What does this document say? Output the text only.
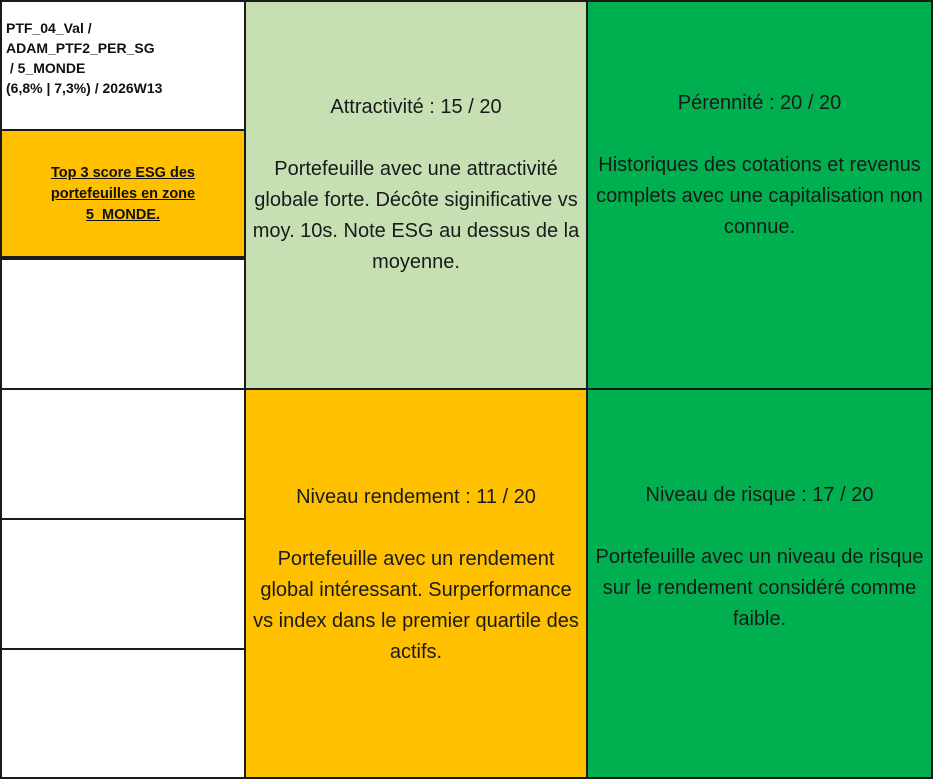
PTF_04_Val /
ADAM_PTF2_PER_SG
/ 5_MONDE
(6,8% | 7,3%) / 2026W13
Top 3 score ESG des portefeuilles en zone 5_MONDE.
Attractivité : 15 / 20
Portefeuille avec une attractivité globale forte. Décôte siginificative vs moy. 10s. Note ESG au dessus de la moyenne.
Pérennité : 20 / 20
Historiques des cotations et revenus complets avec une capitalisation non connue.
Niveau rendement : 11 / 20
Portefeuille avec un rendement global intéressant. Surperformance vs index dans le premier quartile des actifs.
Niveau de risque : 17 / 20
Portefeuille avec un niveau de risque sur le rendement considéré comme faible.
